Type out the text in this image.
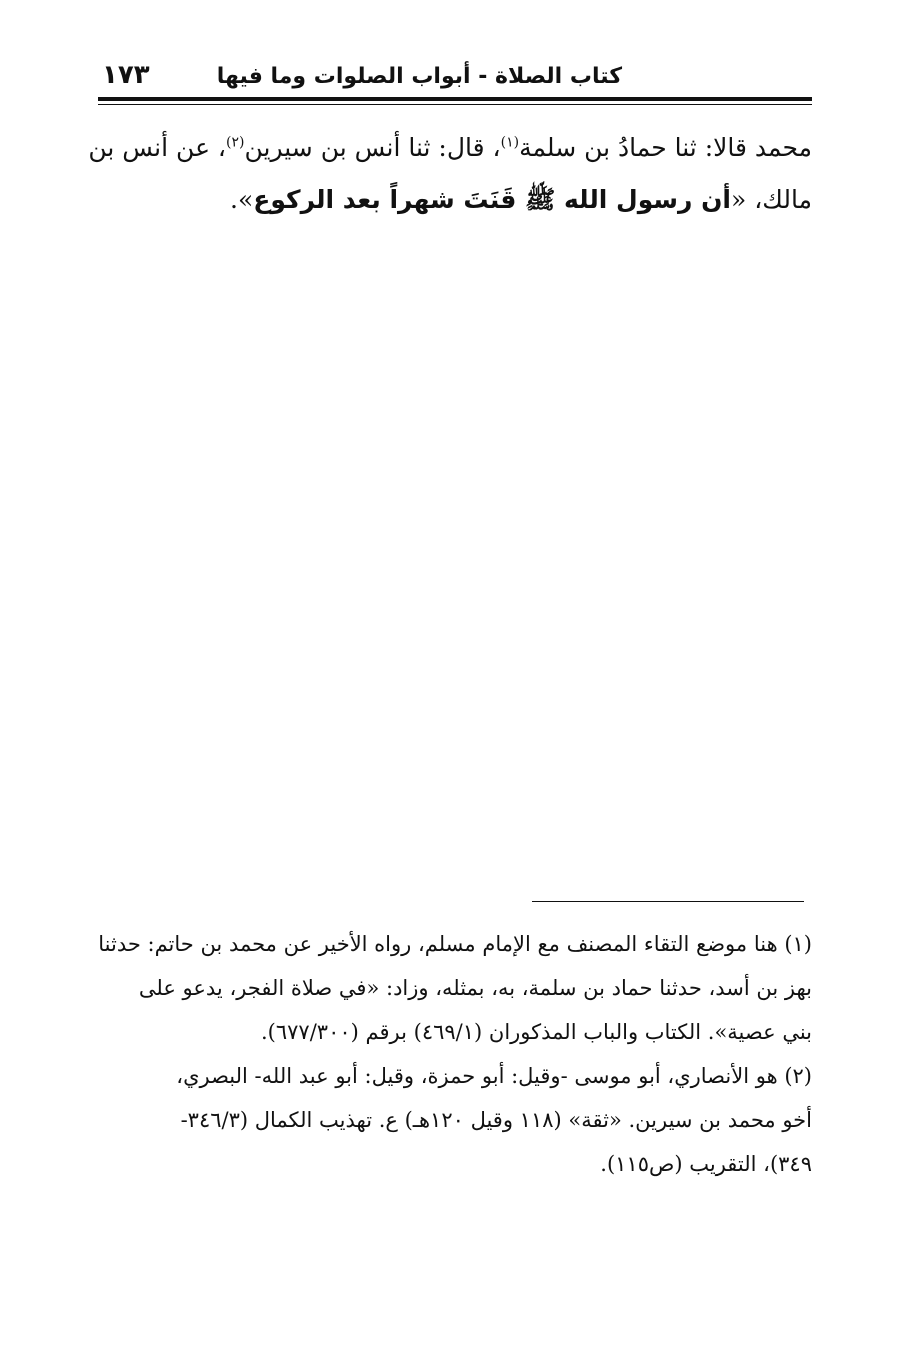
كتاب الصلاة - أبواب الصلوات وما فيها
١٧٣
محمد قالا: ثنا حمادُ بن سلمة$^{(١)}$، قال: ثنا أنس بن سيرين$^{(٢)}$، عن أنس بن
مالك، «أن رسول الله ﷺ قَنَتَ شهراً بعد الركوع».
(١) هنا موضع التقاء المصنف مع الإمام مسلم، رواه الأخير عن محمد بن حاتم: حدثنا
بهز بن أسد، حدثنا حماد بن سلمة، به، بمثله، وزاد: «في صلاة الفجر، يدعو على
بني عصية». الكتاب والباب المذكوران (٤٦٩/١) برقم (٦٧٧/٣٠٠).
(٢) هو الأنصاري، أبو موسى -وقيل: أبو حمزة، وقيل: أبو عبد الله- البصري،
أخو محمد بن سيرين. «ثقة» (١١٨ وقيل ١٢٠هـ) ع. تهذيب الكمال (٣٤٦/٣-
٣٤٩)، التقريب (ص١١٥).
